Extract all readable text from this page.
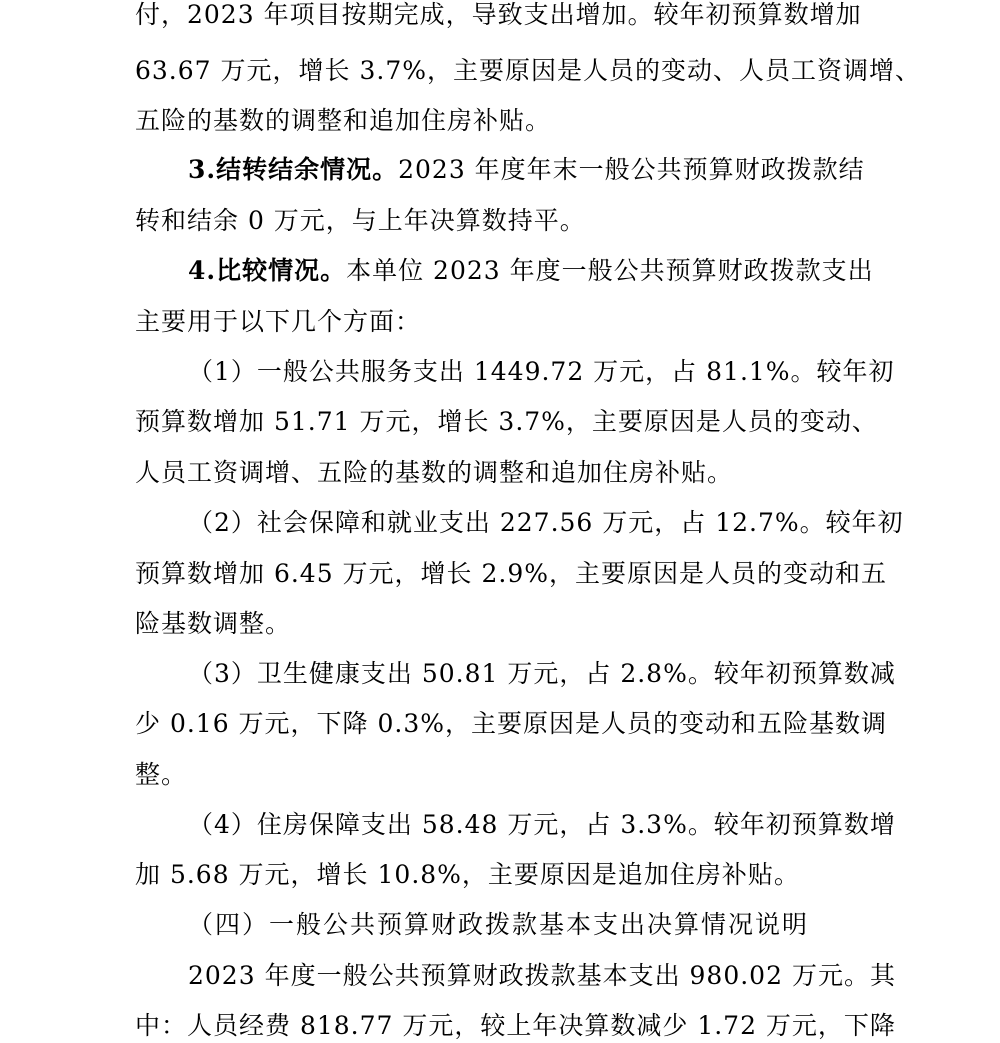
付，2023 年项目按期完成，导致支出增加。较年初预算数增加
63.67 万元，增长 3.7%，主要原因是人员的变动、人员工资调增、
五险的基数的调整和追加住房补贴。
3.结转结余情况。2023 年度年末一般公共预算财政拨款结
转和结余 0 万元，与上年决算数持平。
4.比较情况。本单位 2023 年度一般公共预算财政拨款支出
主要用于以下几个方面：
（1）一般公共服务支出 1449.72 万元，占 81.1%。较年初
预算数增加 51.71 万元，增长 3.7%，主要原因是人员的变动、
人员工资调增、五险的基数的调整和追加住房补贴。
（2）社会保障和就业支出 227.56 万元，占 12.7%。较年初
预算数增加 6.45 万元，增长 2.9%，主要原因是人员的变动和五
险基数调整。
（3）卫生健康支出 50.81 万元，占 2.8%。较年初预算数减
少 0.16 万元，下降 0.3%，主要原因是人员的变动和五险基数调
整。
（4）住房保障支出 58.48 万元，占 3.3%。较年初预算数增
加 5.68 万元，增长 10.8%，主要原因是追加住房补贴。
（四）一般公共预算财政拨款基本支出决算情况说明
2023 年度一般公共预算财政拨款基本支出 980.02 万元。其
中：人员经费 818.77 万元，较上年决算数减少 1.72 万元，下降
